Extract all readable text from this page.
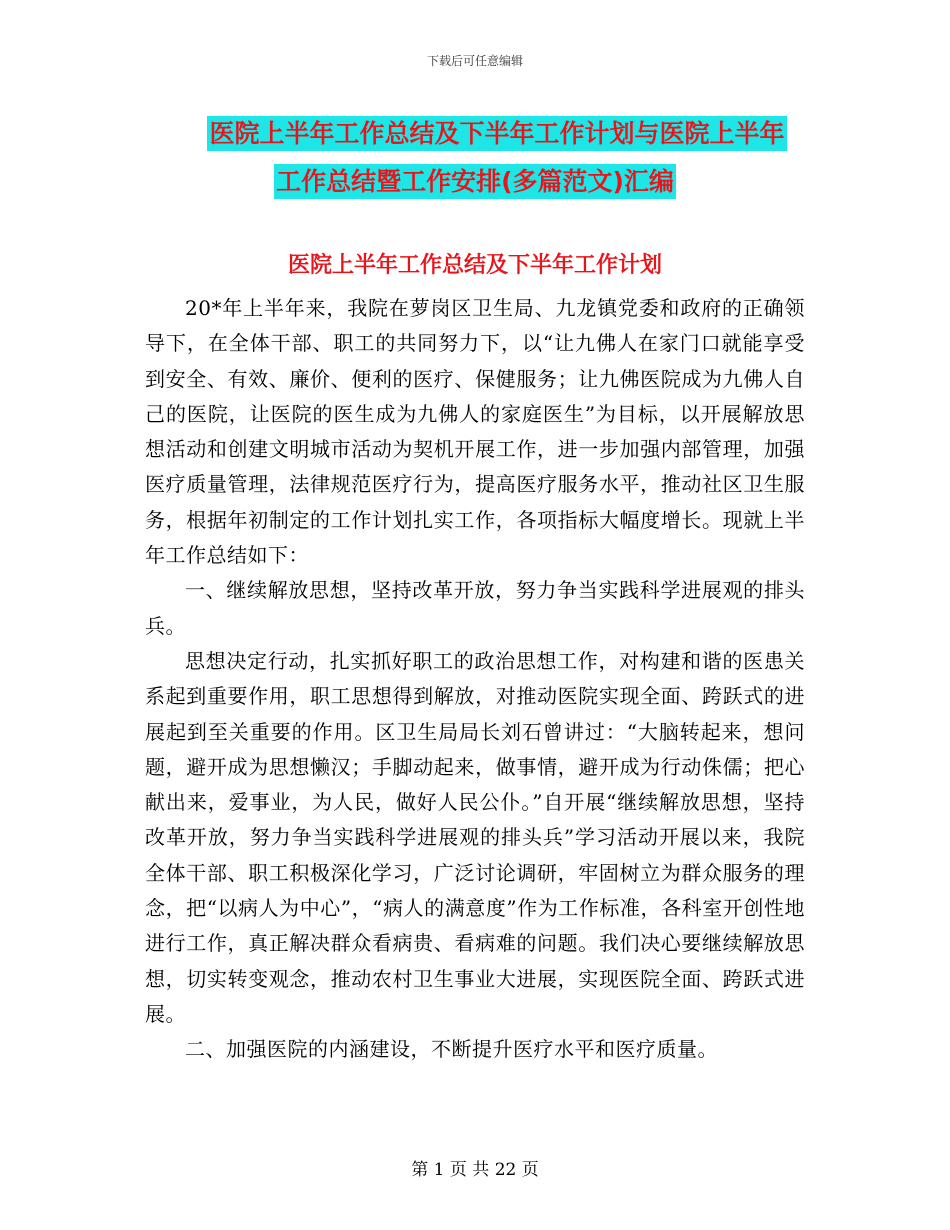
下载后可任意编辑
医院上半年工作总结及下半年工作计划与医院上半年
工作总结暨工作安排(多篇范文)汇编
医院上半年工作总结及下半年工作计划

20*年上半年来，我院在萝岗区卫生局、九龙镇党委和政府的正确领导下，在全体干部、职工的共同努力下，以“让九佛人在家门口就能享受到安全、有效、廉价、便利的医疗、保健服务；让九佛医院成为九佛人自己的医院，让医院的医生成为九佛人的家庭医生”为目标，以开展解放思想活动和创建文明城市活动为契机开展工作，进一步加强内部管理，加强医疗质量管理，法律规范医疗行为，提高医疗服务水平，推动社区卫生服务，根据年初制定的工作计划扎实工作，各项指标大幅度增长。现就上半年工作总结如下：

一、继续解放思想，坚持改革开放，努力争当实践科学进展观的排头兵。

思想决定行动，扎实抓好职工的政治思想工作，对构建和谐的医患关系起到重要作用，职工思想得到解放，对推动医院实现全面、跨跃式的进展起到至关重要的作用。区卫生局局长刘石曾讲过：“大脑转起来，想问题，避开成为思想懒汉；手脚动起来，做事情，避开成为行动侏儒；把心献出来，爱事业，为人民，做好人民公仆。”自开展“继续解放思想，坚持改革开放，努力争当实践科学进展观的排头兵”学习活动开展以来，我院全体干部、职工积极深化学习，广泛讨论调研，牢固树立为群众服务的理念，把“以病人为中心”，“病人的满意度”作为工作标准，各科室开创性地进行工作，真正解决群众看病贵、看病难的问题。我们决心要继续解放思想，切实转变观念，推动农村卫生事业大进展，实现医院全面、跨跃式进展。

二、加强医院的内涵建设，不断提升医疗水平和医疗质量。

第 1 页 共 22 页
